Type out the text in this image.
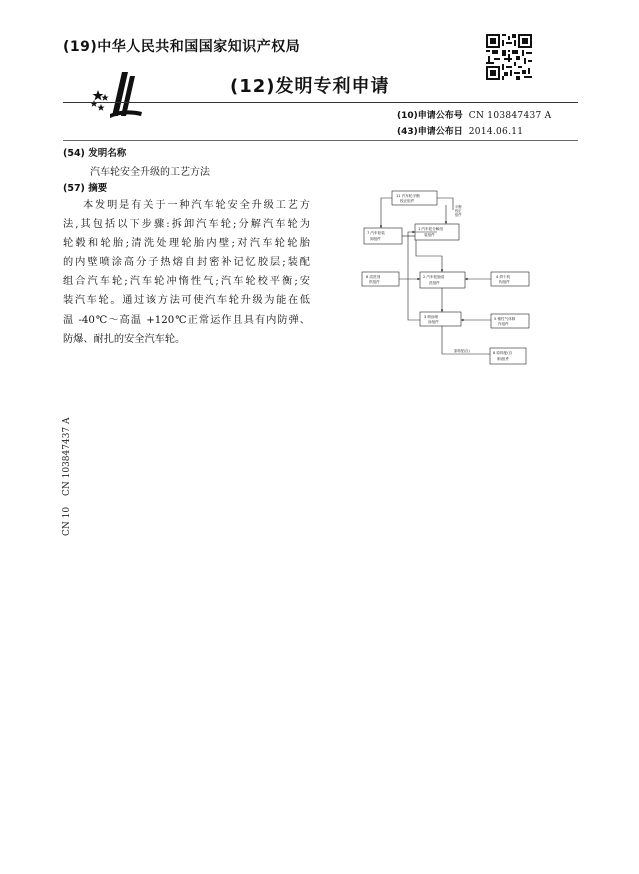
(19)中华人民共和国国家知识产权局
(12)发明专利申请
(10)申请公布号 CN 103847437 A
(43)申请公布日 2014.06.11
(54) 发明名称
汽车轮安全升级的工艺方法
(57) 摘要
本发明是有关于一种汽车轮安全升级工艺方
法,其包括以下步骤:拆卸汽车轮;分解汽车轮为
轮毂和轮胎;清洗处理轮胎内壁;对汽车轮轮胎
的内壁喷涂高分子热熔自封密补记忆胶层;装配
组合汽车轮;汽车轮冲惰性气;汽车轮校平衡;安
装汽车轮。通过该方法可使汽车轮升级为能在低
温 -40℃～高温 +120℃正常运作且具有内防弹、
防爆、耐扎的安全汽车轮。
11 汽车轮平衡
校正组件
1 汽车轮分解组
装组件
7 汽车轮装
卸组件
2 汽车轮胎清
洗组件
6 清洗剂
供组件
4 烘干机
构组件
3 喷涂喷
涂组件
5 惰性气体制
作组件
8 原料配(自
制)组件
平衡
校正
组件
原料配(自)
CN 10
CN 103847437 A
